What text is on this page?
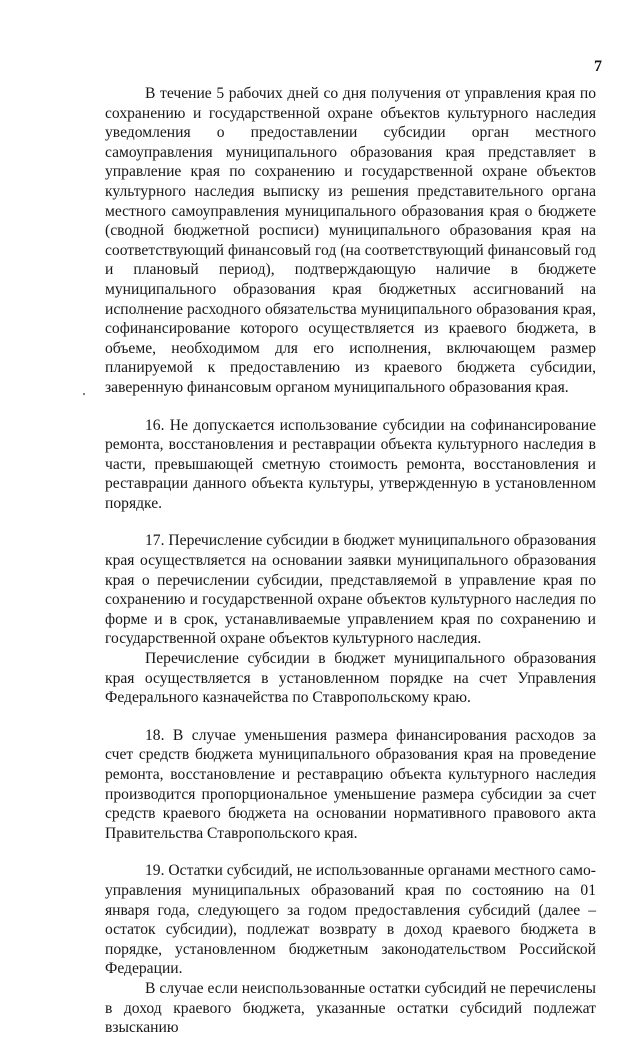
7

В течение 5 рабочих дней со дня получения от управления края по сохранению и государственной охране объектов культурного наследия уведомления о предоставлении субсидии орган местного самоуправления муниципального образования края представляет в управление края по сохранению и государственной охране объектов культурного наследия выписку из решения представительного органа местного самоуправления муниципального образования края о бюджете (сводной бюджетной росписи) муниципального образования края на соответствующий финансовый год (на соответствующий финансовый год и плановый период), подтверждающую наличие в бюджете муниципального образования края бюджетных ассигнований на исполнение расходного обязательства муниципального образования края, софинансирование которого осуществляется из краевого бюджета, в объеме, необходимом для его исполнения, включающем размер планируемой к предоставлению из краевого бюджета субсидии, заверенную финансовым органом муниципального образования края.

16. Не допускается использование субсидии на софинансирование ремонта, восстановления и реставрации объекта культурного наследия в части, превышающей сметную стоимость ремонта, восстановления и реставрации данного объекта культуры, утвержденную в установленном порядке.

17. Перечисление субсидии в бюджет муниципального образования края осуществляется на основании заявки муниципального образования края о перечислении субсидии, представляемой в управление края по сохранению и государственной охране объектов культурного наследия по форме и в срок, устанавливаемые управлением края по сохранению и государственной охране объектов культурного наследия.

Перечисление субсидии в бюджет муниципального образования края осуществляется в установленном порядке на счет Управления Федерального казначейства по Ставропольскому краю.

18. В случае уменьшения размера финансирования расходов за счет средств бюджета муниципального образования края на проведение ремонта, восстановление и реставрацию объекта культурного наследия производится пропорциональное уменьшение размера субсидии за счет средств краевого бюджета на основании нормативного правового акта Правительства Ставропольского края.

19. Остатки субсидий, не использованные органами местного самоуправления муниципальных образований края по состоянию на 01 января года, следующего за годом предоставления субсидий (далее – остаток субсидии), подлежат возврату в доход краевого бюджета в порядке, установленном бюджетным законодательством Российской Федерации.

В случае если неиспользованные остатки субсидий не перечислены в доход краевого бюджета, указанные остатки субсидий подлежат взысканию
